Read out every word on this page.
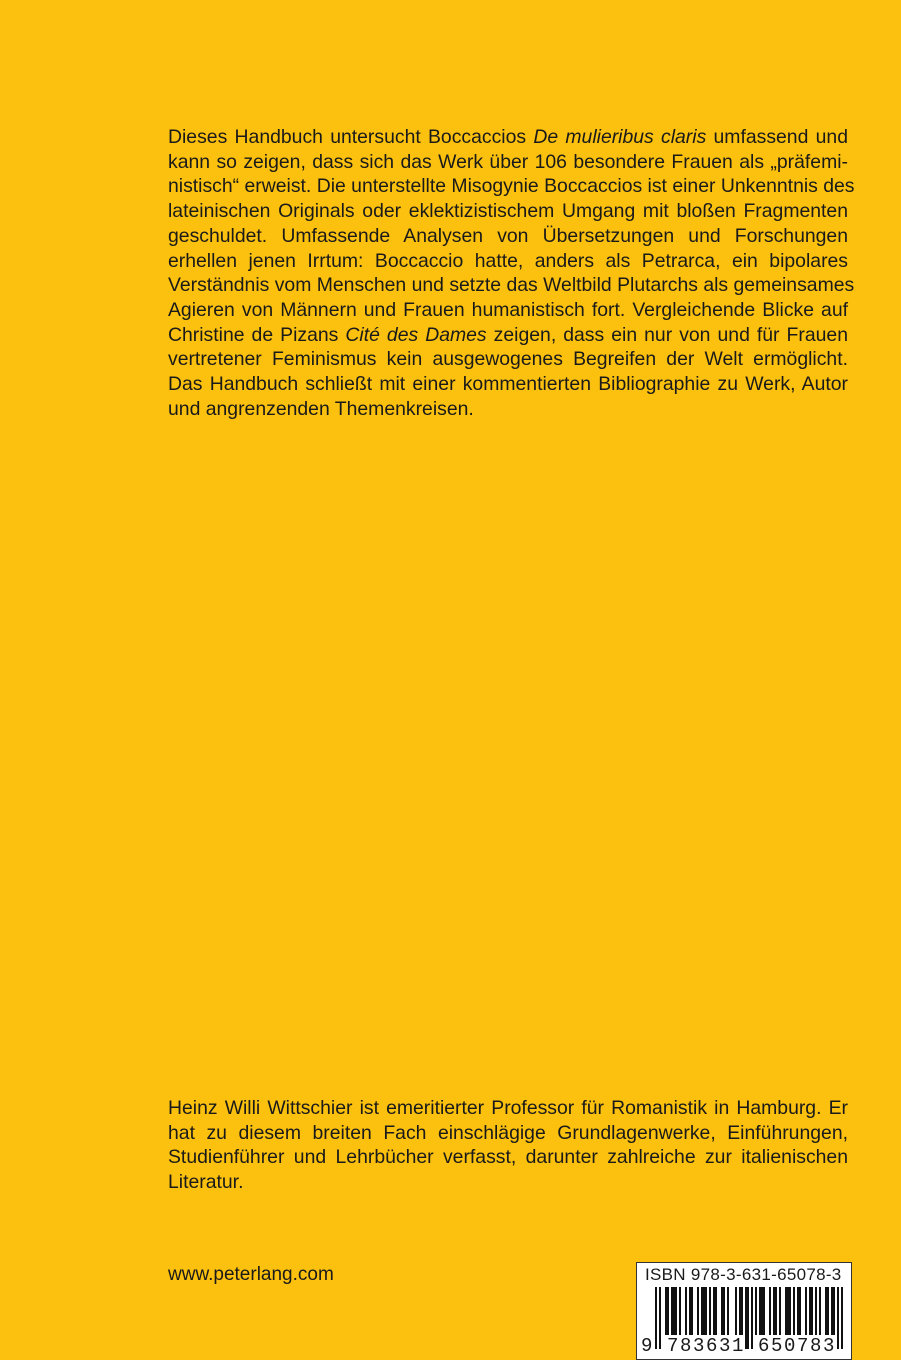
Dieses Handbuch untersucht Boccaccios De mulieribus claris umfassend und
kann so zeigen, dass sich das Werk über 106 besondere Frauen als „präfemi-
nistisch“ erweist. Die unterstellte Misogynie Boccaccios ist einer Unkenntnis des
lateinischen Originals oder eklektizistischem Umgang mit bloßen Fragmenten
geschuldet. Umfassende Analysen von Übersetzungen und Forschungen
erhellen jenen Irrtum: Boccaccio hatte, anders als Petrarca, ein bipolares
Verständnis vom Menschen und setzte das Weltbild Plutarchs als gemeinsames
Agieren von Männern und Frauen humanistisch fort. Vergleichende Blicke auf
Christine de Pizans Cité des Dames zeigen, dass ein nur von und für Frauen
vertretener Feminismus kein ausgewogenes Begreifen der Welt ermöglicht.
Das Handbuch schließt mit einer kommentierten Bibliographie zu Werk, Autor
und angrenzenden Themenkreisen.
Heinz Willi Wittschier ist emeritierter Professor für Romanistik in Hamburg. Er
hat zu diesem breiten Fach einschlägige Grundlagenwerke, Einführungen,
Studienführer und Lehrbücher verfasst, darunter zahlreiche zur italienischen
Literatur.
www.peterlang.com	ISBN 978-3-631-65078-3
9 783631 650783
